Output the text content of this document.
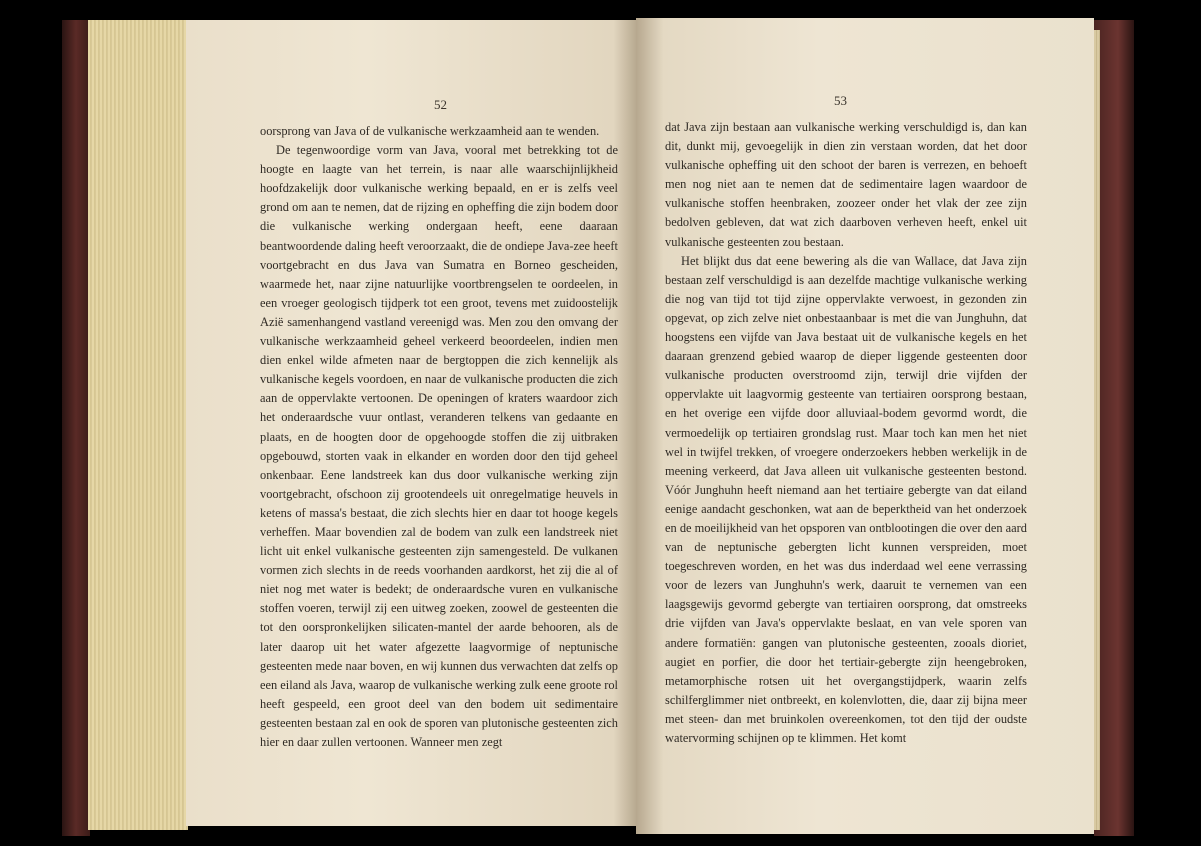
52

oorsprong van Java of de vulkanische werkzaamheid aan te wenden.

De tegenwoordige vorm van Java, vooral met betrekking tot de hoogte en laagte van het terrein, is naar alle waarschijnlijkheid hoofdzakelijk door vulkanische werking bepaald, en er is zelfs veel grond om aan te nemen, dat de rijzing en opheffing die zijn bodem door die vulkanische werking ondergaan heeft, eene daaraan beantwoordende daling heeft veroorzaakt, die de ondiepe Java-zee heeft voortgebracht en dus Java van Sumatra en Borneo gescheiden, waarmede het, naar zijne natuurlijke voortbrengselen te oordeelen, in een vroeger geologisch tijdperk tot een groot, tevens met zuidoostelijk Azië samenhangend vastland vereenigd was. Men zou den omvang der vulkanische werkzaamheid geheel verkeerd beoordeelen, indien men dien enkel wilde afmeten naar de bergtoppen die zich kennelijk als vulkanische kegels voordoen, en naar de vulkanische producten die zich aan de oppervlakte vertoonen. De openingen of kraters waardoor zich het onderaardsche vuur ontlast, veranderen telkens van gedaante en plaats, en de hoogten door de opgehoogde stoffen die zij uitbraken opgebouwd, storten vaak in elkander en worden door den tijd geheel onkenbaar. Eene landstreek kan dus door vulkanische werking zijn voortgebracht, ofschoon zij grootendeels uit onregelmatige heuvels in ketens of massa's bestaat, die zich slechts hier en daar tot hooge kegels verheffen. Maar bovendien zal de bodem van zulk een landstreek niet licht uit enkel vulkanische gesteenten zijn samengesteld. De vulkanen vormen zich slechts in de reeds voorhanden aardkorst, het zij die al of niet nog met water is bedekt; de onderaardsche vuren en vulkanische stoffen voeren, terwijl zij een uitweg zoeken, zoowel de gesteenten die tot den oorspronkelijken silicaten-mantel der aarde behooren, als de later daarop uit het water afgezette laagvormige of neptunische gesteenten mede naar boven, en wij kunnen dus verwachten dat zelfs op een eiland als Java, waarop de vulkanische werking zulk eene groote rol heeft gespeeld, een groot deel van den bodem uit sedimentaire gesteenten bestaan zal en ook de sporen van plutonische gesteenten zich hier en daar zullen vertoonen. Wanneer men zegt

53

dat Java zijn bestaan aan vulkanische werking verschuldigd is, dan kan dit, dunkt mij, gevoegelijk in dien zin verstaan worden, dat het door vulkanische opheffing uit den schoot der baren is verrezen, en behoeft men nog niet aan te nemen dat de sedimentaire lagen waardoor de vulkanische stoffen heenbraken, zoozeer onder het vlak der zee zijn bedolven gebleven, dat wat zich daarboven verheven heeft, enkel uit vulkanische gesteenten zou bestaan.

Het blijkt dus dat eene bewering als die van Wallace, dat Java zijn bestaan zelf verschuldigd is aan dezelfde machtige vulkanische werking die nog van tijd tot tijd zijne oppervlakte verwoest, in gezonden zin opgevat, op zich zelve niet onbestaanbaar is met die van Junghuhn, dat hoogstens een vijfde van Java bestaat uit de vulkanische kegels en het daaraan grenzend gebied waarop de dieper liggende gesteenten door vulkanische producten overstroomd zijn, terwijl drie vijfden der oppervlakte uit laagvormig gesteente van tertiairen oorsprong bestaan, en het overige een vijfde door alluviaal-bodem gevormd wordt, die vermoedelijk op tertiairen grondslag rust. Maar toch kan men het niet wel in twijfel trekken, of vroegere onderzoekers hebben werkelijk in de meening verkeerd, dat Java alleen uit vulkanische gesteenten bestond. Vóór Junghuhn heeft niemand aan het tertiaire gebergte van dat eiland eenige aandacht geschonken, wat aan de beperktheid van het onderzoek en de moeilijkheid van het opsporen van ontblootingen die over den aard van de neptunische gebergten licht kunnen verspreiden, moet toegeschreven worden, en het was dus inderdaad wel eene verrassing voor de lezers van Junghuhn's werk, daaruit te vernemen van een laagsgewijs gevormd gebergte van tertiairen oorsprong, dat omstreeks drie vijfden van Java's oppervlakte beslaat, en van vele sporen van andere formatiën: gangen van plutonische gesteenten, zooals dioriet, augiet en porfier, die door het tertiair-gebergte zijn heengebroken, metamorphische rotsen uit het overgangstijdperk, waarin zelfs schilferglimmer niet ontbreekt, en kolenvlotten, die, daar zij bijna meer met steen- dan met bruinkolen overeenkomen, tot den tijd der oudste watervorming schijnen op te klimmen. Het komt
